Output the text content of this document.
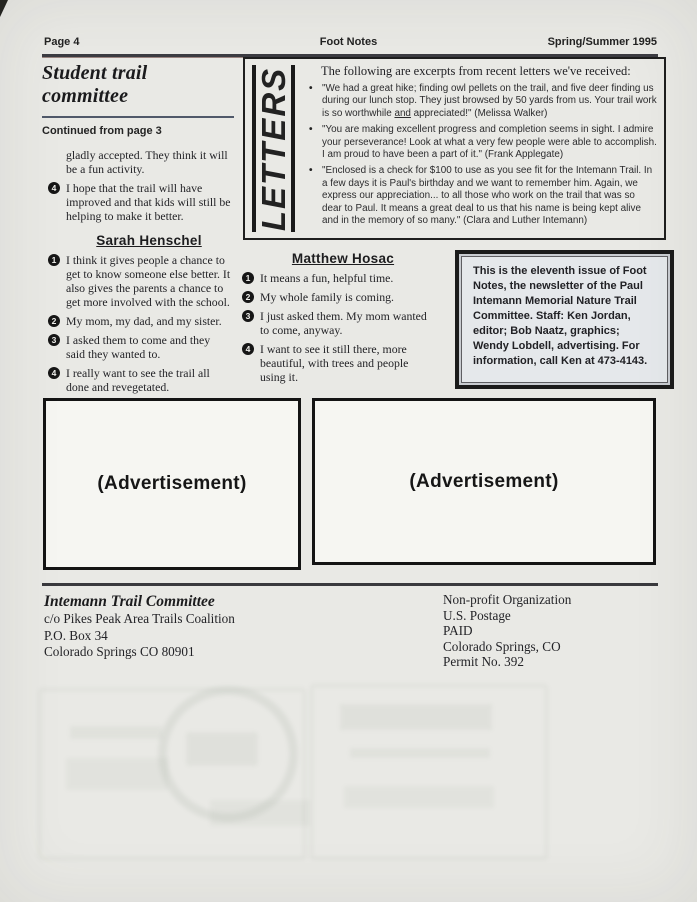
Page 4	Foot Notes	Spring/Summer 1995
Student trail committee
Continued from page 3

gladly accepted. They think it will be a fun activity.

4 I hope that the trail will have improved and that kids will still be helping to make it better.
Sarah Henschel
1 I think it gives people a chance to get to know someone else better. It also gives the parents a chance to get more involved with the school.
2 My mom, my dad, and my sister.
3 I asked them to come and they said they wanted to.
4 I really want to see the trail all done and revegetated.
LETTERS The following are excerpts from recent letters we've received:

• "We had a great hike; finding owl pellets on the trail, and five deer finding us during our lunch stop. They just browsed by 50 yards from us. Your trail work is so worthwhile and appreciated!" (Melissa Walker)

• "You are making excellent progress and completion seems in sight. I admire your perseverance! Look at what a very few people were able to accomplish. I am proud to have been a part of it." (Frank Applegate)

• "Enclosed is a check for $100 to use as you see fit for the Intemann Trail. In a few days it is Paul's birthday and we want to remember him. Again, we express our appreciation... to all those who work on the trail that was so dear to Paul. It means a great deal to us that his name is being kept alive and in the memory of so many." (Clara and Luther Intemann)

Matthew Hosac
1 It means a fun, helpful time.
2 My whole family is coming.
3 I just asked them. My mom wanted to come, anyway.
4 I want to see it still there, more beautiful, with trees and people using it.

This is the eleventh issue of Foot Notes, the newsletter of the Paul Intemann Memorial Nature Trail Committee. Staff: Ken Jordan, editor; Bob Naatz, graphics; Wendy Lobdell, advertising. For information, call Ken at 473-4143.

(Advertisement)	(Advertisement)
Intemann Trail Committee
c/o Pikes Peak Area Trails Coalition
P.O. Box 34
Colorado Springs CO 80901
Non-profit Organization
U.S. Postage
PAID
Colorado Springs, CO
Permit No. 392
